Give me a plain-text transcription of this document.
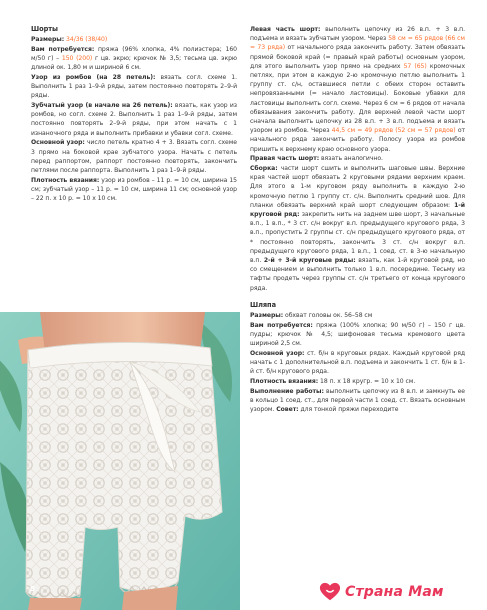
Шорты

Размеры: 34/36 (38/40)

Вам потребуется: пряжа (96% хлопка, 4% полиэстера; 160 м/50 г) – 150 (200) г цв. экрю; крючок № 3,5; тесьма цв. экрю длиной ок. 1,80 м и шириной 6 см.

Узор из ромбов (на 28 петель): вязать согл. схеме 1. Выполнить 1 раз 1–9-й ряды, затем постоянно повторять 2–9-й ряды.

Зубчатый узор (в начале на 26 петель): вязать, как узор из ромбов, но согл. схеме 2. Выполнить 1 раз 1–9-й ряды, затем постоянно повторять 2–9-й ряды, при этом начать с 1 изнаночного ряда и выполнить прибавки и убавки согл. схеме.

Основной узор: число петель кратно 4 + 3. Вязать согл. схеме 3 прямо на боковой крае зубчатого узора. Начать с петель перед раппортом, раппорт постоянно повторять, закончить петлями после раппорта. Выполнить 1 раз 1–9-й ряды.

Плотность вязания: узор из ромбов – 11 р. = 10 см, ширина 15 см; зубчатый узор – 11 р. = 10 см, ширина 11 см; основной узор – 22 п. х 10 р. = 10 х 10 см.

8

Левая часть шорт: выполнить цепочку из 26 в.п. + 3 в.п. подъема и вязать зубчатым узором. Через 58 см = 65 рядов (66 см = 73 ряда) от начального ряда закончить работу. Затем обвязать прямой боковой край (= правый край работы) основным узором, для этого выполнить узор прямо на средних 57 (65) кромочных петлях, при этом в каждую 2-ю кромочную петлю выполнить 1 группу ст. с/н, оставшиеся петли с обеих сторон оставить непровязанными (= начало ластовицы). Боковые убавки для ластовицы выполнить согл. схеме. Через 6 см = 6 рядов от начала обвязывания закончить работу. Для верхней левой части шорт сначала выполнить цепочку из 28 в.п. + 3 в.п. подъема и вязать узором из ромбов. Через 44,5 см = 49 рядов (52 см = 57 рядов) от начального ряда закончить работу. Полосу узора из ромбов пришить к верхнему краю основного узора.

Правая часть шорт: вязать аналогично.

Сборка: части шорт сшить и выполнить шаговые швы. Верхние края частей шорт обвязать 2 круговыми рядами верхним краем. Для этого в 1-м круговом ряду выполнить в каждую 2-ю кромочную петлю 1 группу ст. с/н. Выполнить средний шов. Для планки обвязать верхний край шорт следующим образом: 1-й круговой ряд: закрепить нить на заднем шве шорт, 3 начальные в.п., 1 в.п., * 3 ст. с/н вокруг в.п. предыдущего кругового ряда, 3 в.п., пропустить 2 группы ст. с/н предыдущего кругового ряда, от * постоянно повторять, закончить 3 ст. с/н вокруг в.п. предыдущего кругового ряда, 1 в.п., 1 соед. ст. в 3-ю начальную в.п. 2-й + 3-й круговые ряды: вязать, как 1-й круговой ряд, но со смещением и выполнить только 1 в.п. посередине. Тесьму из тафты продеть через группы ст. с/н третьего от конца кругового ряда.

Шляпа

Размеры: обхват головы ок. 56–58 см

Вам потребуется: пряжа (100% хлопка; 90 м/50 г) – 150 г цв. пудры; крючок № 4,5; шифоновая тесьма кремового цвета шириной 2,5 см.

Основной узор: ст. б/н в круговых рядах. Каждый круговой ряд начать с 1 дополнительной в.п. подъема и закончить 1 ст. б/н в 1-й ст. б/н кругового ряда.

Плотность вязания: 18 п. х 18 кругр. = 10 х 10 см.

Выполнение работы: выполнить цепочку из 8 в.п. и замкнуть ее в кольцо 1 соед. ст., для первой части 1 соед. ст. Вязать основным узором. Совет: для тонкой пряжи переходите

Страна Мам
